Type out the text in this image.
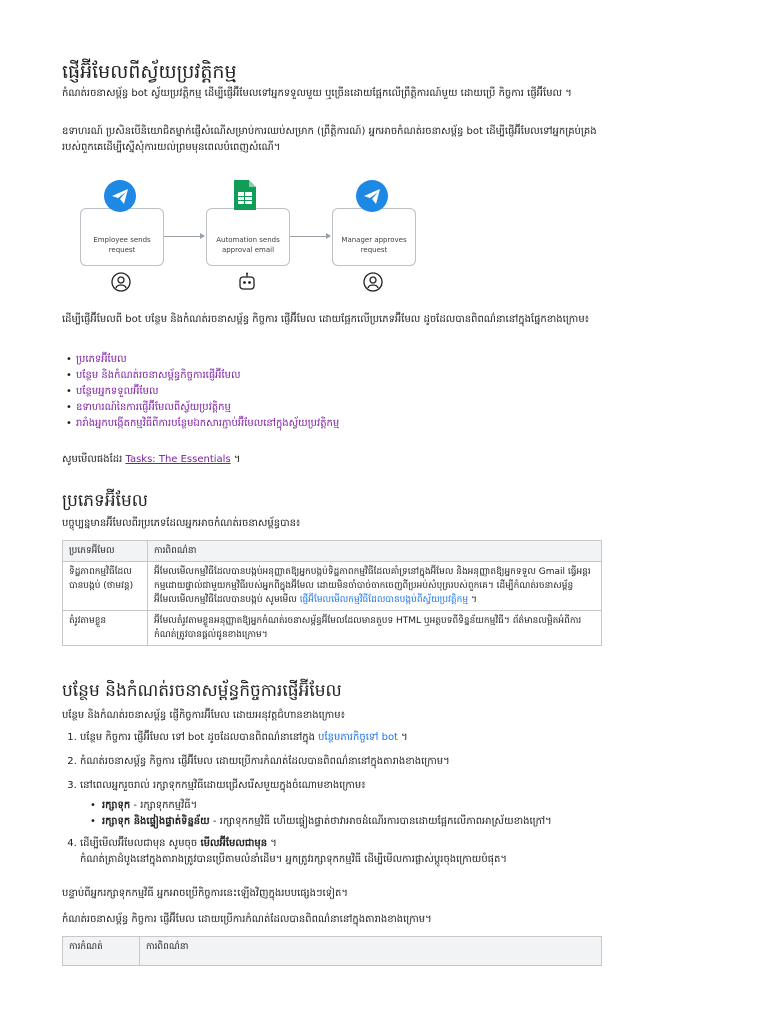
ផ្ញើអ៊ីមែលពីស្វ័យប្រវត្តិកម្ម

កំណត់រចនាសម្ព័ន្ធ bot ស្វ័យប្រវត្តិកម្ម ដើម្បីផ្ញើអ៊ីមែលទៅអ្នកទទួលមួយ ឬច្រើនដោយផ្អែកលើព្រឹត្តិការណ៍មួយ ដោយប្រើ កិច្ចការ ផ្ញើអ៊ីមែល ។

ឧទាហរណ៍ ប្រសិនបើនិយោជិតម្នាក់ផ្ញើសំណើសម្រាប់ការឈប់សម្រាក (ព្រឹត្តិការណ៍) អ្នកអាចកំណត់រចនាសម្ព័ន្ធ bot ដើម្បីផ្ញើអ៊ីមែលទៅអ្នកគ្រប់គ្រងរបស់ពួកគេដើម្បីស្នើសុំការយល់ព្រមមុនពេលបំពេញសំណើ។

Employee sends request
Automation sends approval email
Manager approves request

ដើម្បីផ្ញើអ៊ីមែលពី bot បន្ថែម និងកំណត់រចនាសម្ព័ន្ធ កិច្ចការ ផ្ញើអ៊ីមែល ដោយផ្អែកលើប្រភេទអ៊ីមែល ដូចដែលបានពិពណ៌នានៅក្នុងផ្នែកខាងក្រោម៖

• ប្រភេទអ៊ីមែល
• បន្ថែម និងកំណត់រចនាសម្ព័ន្ធកិច្ចការផ្ញើអ៊ីមែល
• បន្ថែមអ្នកទទួលអ៊ីមែល
• ឧទាហរណ៍នៃការផ្ញើអ៊ីមែលពីស្វ័យប្រវត្តិកម្ម
• រារាំងអ្នកបង្កើតកម្មវិធីពីការបន្ថែមឯកសារភ្ជាប់អ៊ីមែលនៅក្នុងស្វ័យប្រវត្តិកម្ម

សូមមើលផងដែរ Tasks: The Essentials ។

ប្រភេទអ៊ីមែល

បច្ចុប្បន្នមានអ៊ីមែលពីរប្រភេទដែលអ្នកអាចកំណត់រចនាសម្ព័ន្ធបាន៖

ប្រភេទអ៊ីមែល	ការពិពណ៌នា
ទិដ្ឋភាពកម្មវិធីដែលបានបង្កប់ (ថាមវន្ត)	អ៊ីមែលមើលកម្មវិធីដែលបានបង្កប់អនុញ្ញាតឱ្យអ្នកបង្កប់ទិដ្ឋភាពកម្មវិធីដែលគាំទ្រនៅក្នុងអ៊ីមែល និងអនុញ្ញាតឱ្យអ្នកទទួល Gmail ធ្វើអន្តរកម្មដោយផ្ទាល់ជាមួយកម្មវិធីរបស់អ្នកពីក្នុងអ៊ីមែល ដោយមិនចាំបាច់ចាកចេញពីប្រអប់សំបុត្ររបស់ពួកគេ។ ដើម្បីកំណត់រចនាសម្ព័ន្ធអ៊ីមែលមើលកម្មវិធីដែលបានបង្កប់ សូមមើល ផ្ញើអ៊ីមែលមើលកម្មវិធីដែលបានបង្កប់ពីស្វ័យប្រវត្តិកម្ម ។
តំរូវតាមខ្លួន	អ៊ីមែលតំរូវតាមខ្លួនអនុញ្ញាតឱ្យអ្នកកំណត់រចនាសម្ព័ន្ធអ៊ីមែលដែលមានតួបទ HTML ឬអត្ថបទពីទិន្នន័យកម្មវិធី។ ព័ត៌មានលម្អិតអំពីការកំណត់ត្រូវបានផ្តល់ជូនខាងក្រោម។
បន្ថែម និងកំណត់រចនាសម្ព័ន្ធកិច្ចការផ្ញើអ៊ីមែល

បន្ថែម និងកំណត់រចនាសម្ព័ន្ធ ផ្ញើកិច្ចការអ៊ីមែល ដោយអនុវត្តជំហានខាងក្រោម៖

1. បន្ថែម កិច្ចការ ផ្ញើអ៊ីមែល ទៅ bot ដូចដែលបានពិពណ៌នានៅក្នុង បន្ថែមភារកិច្ចទៅ bot ។
2. កំណត់រចនាសម្ព័ន្ធ កិច្ចការ ផ្ញើអ៊ីមែល ដោយប្រើការកំណត់ដែលបានពិពណ៌នានៅក្នុងតារាងខាងក្រោម។
3. នៅពេលអ្នករួចរាល់ រក្សាទុកកម្មវិធីដោយជ្រើសរើសមួយក្នុងចំណោមខាងក្រោម៖
• រក្សាទុក - រក្សាទុកកម្មវិធី។
• រក្សាទុក និងផ្ទៀងផ្ទាត់ទិន្នន័យ - រក្សាទុកកម្មវិធី ហើយផ្ទៀងផ្ទាត់ថាវាអាចដំណើរការបានដោយផ្អែកលើភាពអាស្រ័យខាងក្រៅ។
4. ដើម្បីមើលអ៊ីមែលជាមុន សូមចុច មើលអ៊ីមែលជាមុន ។
កំណត់ត្រាដំបូងនៅក្នុងតារាងត្រូវបានប្រើតាមលំនាំដើម។ អ្នកត្រូវរក្សាទុកកម្មវិធី ដើម្បីមើលការផ្លាស់ប្តូរចុងក្រោយបំផុត។

បន្ទាប់ពីអ្នករក្សាទុកកម្មវិធី អ្នកអាចប្រើកិច្ចការនេះឡើងវិញក្នុងរបបផ្សេងៗទៀត។

កំណត់រចនាសម្ព័ន្ធ កិច្ចការ ផ្ញើអ៊ីមែល ដោយប្រើការកំណត់ដែលបានពិពណ៌នានៅក្នុងតារាងខាងក្រោម។

ការកំណត់	ការពិពណ៌នា
